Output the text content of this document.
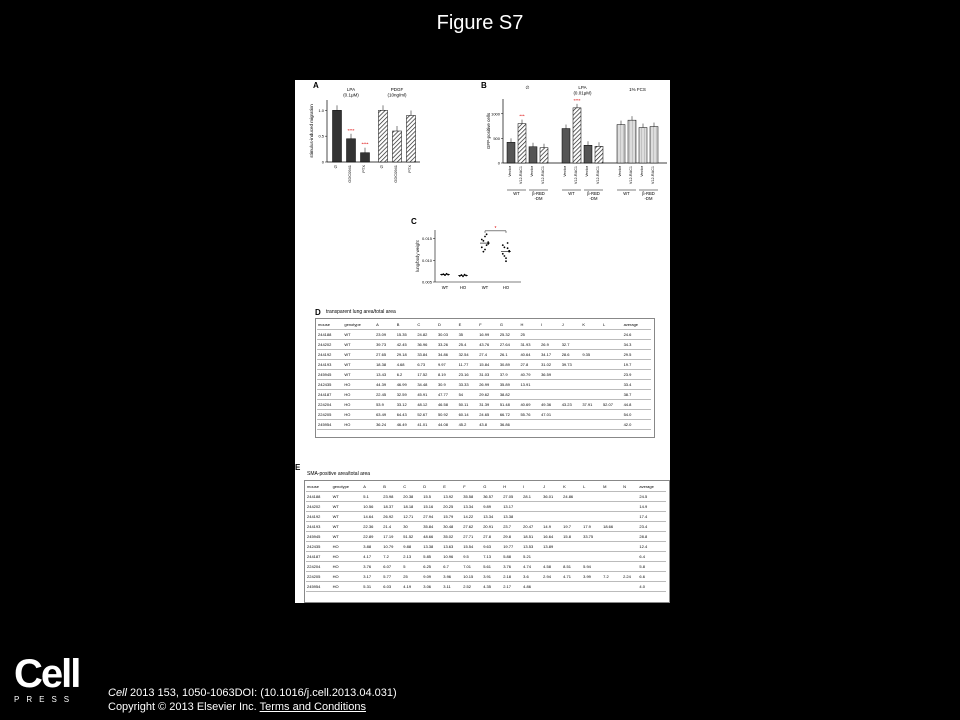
Figure S7
A
0
0.5
1.0
stimulus-induced migration
∅ GDC0941 PTX	∅ GDC0941 PTX
LPA
(0.1μM)
PDGF
(10ng/ml)
****
****
B
0
500
1000
GFP-positive cells
Vector V12-RAC1 Vector V12-RAC1	Vector V12-RAC1 Vector V12-RAC1	Vector V12-RAC1 Vector V12-RAC1
WT	β-RBD
-DM
WT	β-RBD
-DM
WT	β-RBD
-DM
∅	LPA
(0.01μM)
1% FCS
***
****
C
0.005
0.010
0.015
lung/body weight
WT	HO	WT	HO
*
D transparent lung area/total area
mouse	genotype	A	B	C	D	E	F	G	H	I	J	K	L	average
244188	WT	23.09	15.35	24.82	30.03	35	16.99	25.32	25					24.6
244202	WT	39.73	42.45	36.96	33.26	25.4	43.76	27.64	31.93	26.9	32.7			34.3
244192	WT	27.65	29.18	33.84	34.86	32.54	27.4	26.1	40.64	34.17	28.6	9.35		29.5
244193	WT	18.38	4.68	6.73	9.97	11.77	15.84	30.89	27.8	31.02	39.73			19.7
245945	WT	13.43	6.2	17.52	8.19	23.16	31.03	37.9	40.79	36.59				23.9
242435	HO	44.39	46.99	34.48	30.9	33.33	26.99	35.89	13.91					33.4
244187	HO	22.45	32.59	45.91	47.77	54	29.62	38.82						38.7
224204	HO	53.9	33.12	48.12	46.58	50.11	31.39	51.48	40.69	49.36	43.23	37.91	52.07	44.8
224205	HO	63.49	64.43	52.67	50.92	60.14	24.65	66.72	55.76	47.01				54.0
245954	HO	36.24	46.49	41.01	44.08	45.2	43.8	36.86						42.0
E
SMA-positive area/total area
mouse	genotype	A	B	C	D	E	F	G	H	I	J	K	L	M	N	average
244188	WT	5.1	23.98	20.38	15.5	13.92	35.58	36.57	27.05	28.1	36.01	24.86				24.5
244202	WT	10.56	18.37	18.18	15.16	20.25	13.34	9.89	13.17							14.9
244192	WT	14.64	26.92	12.71	27.94	15.79	14.22	13.34	13.38							17.4
244193	WT	22.36	21.4	30	35.84	30.48	27.62	20.91	23.7	20.47	14.9	19.7	17.9	18.66		23.4
245945	WT	22.89	17.19	51.52	48.66	35.02	27.71	27.8	29.8	18.51	16.64	15.8	33.75			28.8
242435	HO	3.88	10.79	9.88	13.38	13.63	15.54	9.63	19.77	13.53	13.89					12.4
244187	HO	4.17	7.2	2.13	5.85	10.96	9.5	7.13	5.88	5.21						6.4
224204	HO	3.76	6.07	5	6.25	6.7	7.01	5.61	3.76	4.74	4.58	8.51	5.94			5.8
224205	HO	3.17	5.77	25	9.09	3.96	10.15	3.91	2.18	3.6	2.94	4.71	3.99	7.2	2.24	6.6
245954	HO	5.31	6.03	4.19	3.06	3.11	2.52	4.35	2.17	4.86						4.0
Cell
PRESS
Cell 2013 153, 1050-1063DOI: (10.1016/j.cell.2013.04.031)
Copyright © 2013 Elsevier Inc. Terms and Conditions
